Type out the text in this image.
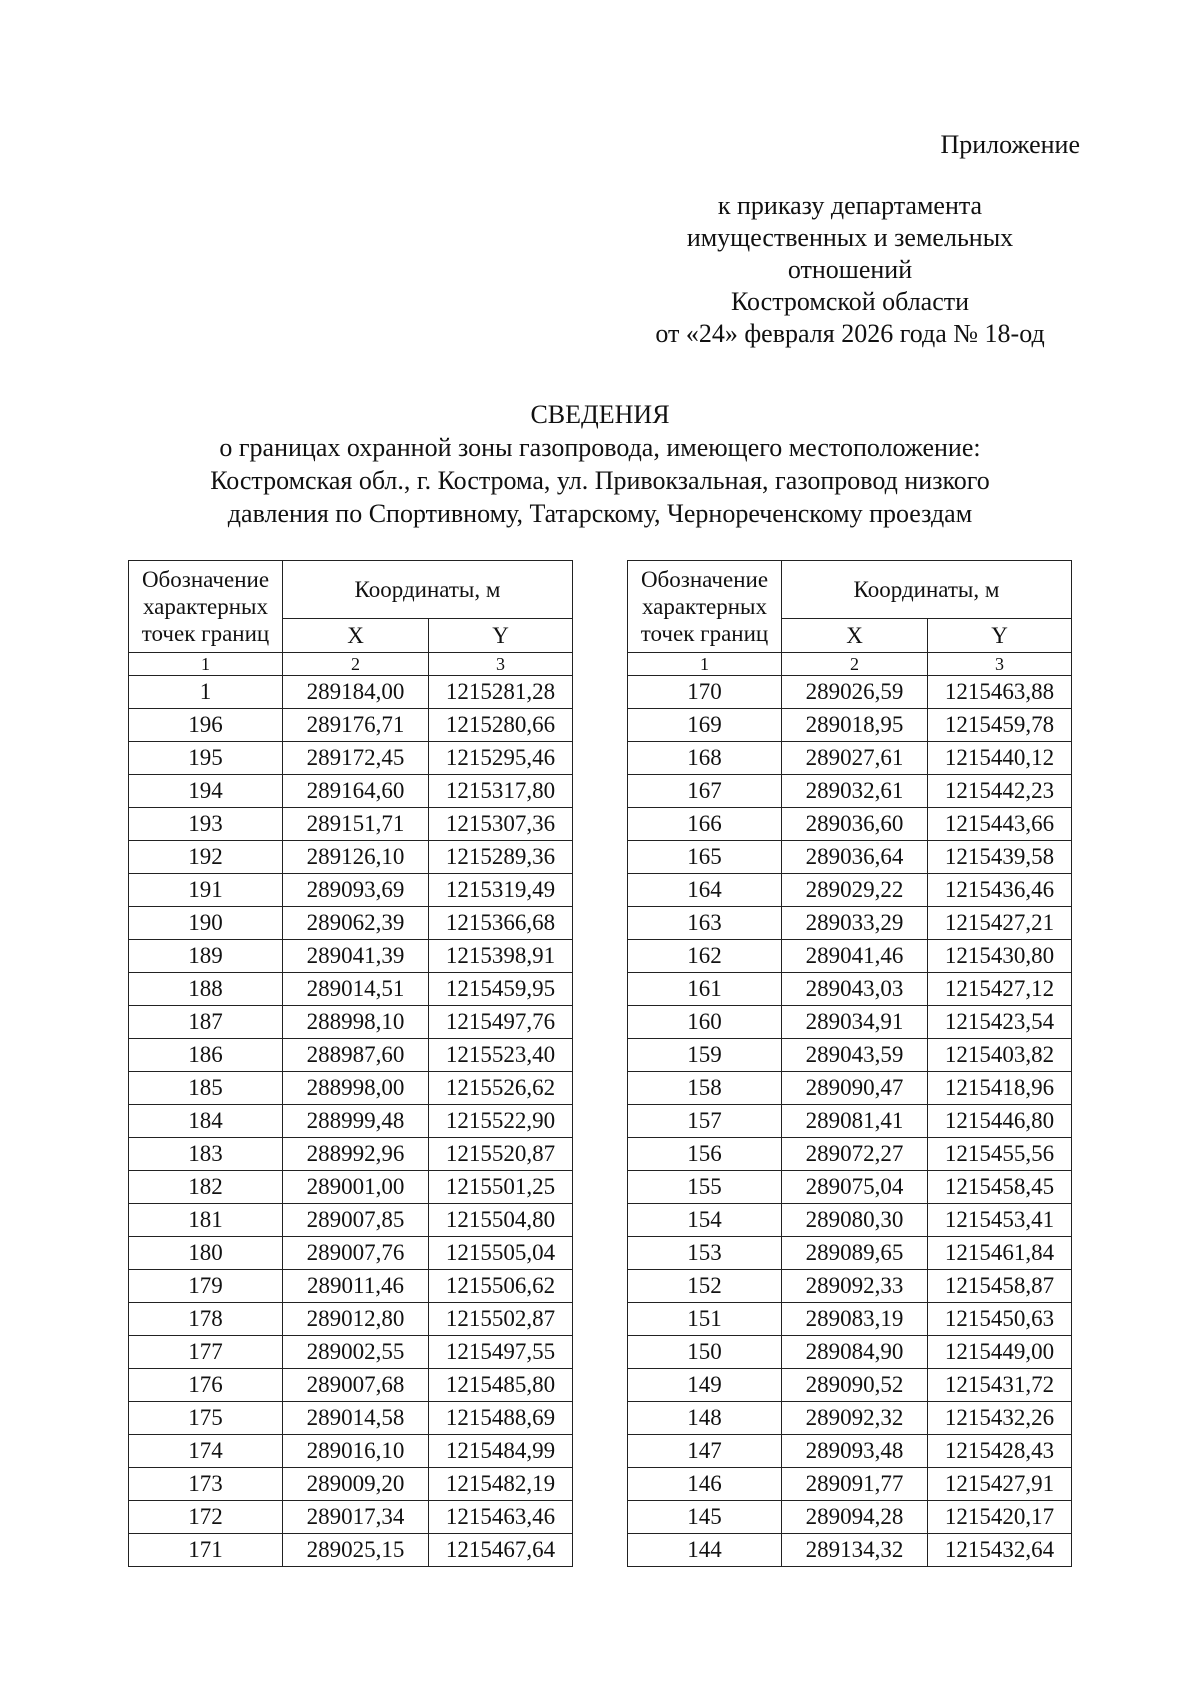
Приложение
к приказу департамента
имущественных и земельных
отношений
Костромской области
от «24» февраля 2026 года № 18-од
СВЕДЕНИЯ
о границах охранной зоны газопровода, имеющего местоположение:
Костромская обл., г. Кострома, ул. Привокзальная, газопровод низкого
давления по Спортивному, Татарскому, Чернореченскому проездам
Обозначение
характерных
точек границ	Координаты, м	
	X	Y
1	2	3
1	289184,00	1215281,28
196	289176,71	1215280,66
195	289172,45	1215295,46
194	289164,60	1215317,80
193	289151,71	1215307,36
192	289126,10	1215289,36
191	289093,69	1215319,49
190	289062,39	1215366,68
189	289041,39	1215398,91
188	289014,51	1215459,95
187	288998,10	1215497,76
186	288987,60	1215523,40
185	288998,00	1215526,62
184	288999,48	1215522,90
183	288992,96	1215520,87
182	289001,00	1215501,25
181	289007,85	1215504,80
180	289007,76	1215505,04
179	289011,46	1215506,62
178	289012,80	1215502,87
177	289002,55	1215497,55
176	289007,68	1215485,80
175	289014,58	1215488,69
174	289016,10	1215484,99
173	289009,20	1215482,19
172	289017,34	1215463,46
171	289025,15	1215467,64
Обозначение
характерных
точек границ	Координаты, м	
	X	Y
1	2	3
170	289026,59	1215463,88
169	289018,95	1215459,78
168	289027,61	1215440,12
167	289032,61	1215442,23
166	289036,60	1215443,66
165	289036,64	1215439,58
164	289029,22	1215436,46
163	289033,29	1215427,21
162	289041,46	1215430,80
161	289043,03	1215427,12
160	289034,91	1215423,54
159	289043,59	1215403,82
158	289090,47	1215418,96
157	289081,41	1215446,80
156	289072,27	1215455,56
155	289075,04	1215458,45
154	289080,30	1215453,41
153	289089,65	1215461,84
152	289092,33	1215458,87
151	289083,19	1215450,63
150	289084,90	1215449,00
149	289090,52	1215431,72
148	289092,32	1215432,26
147	289093,48	1215428,43
146	289091,77	1215427,91
145	289094,28	1215420,17
144	289134,32	1215432,64
